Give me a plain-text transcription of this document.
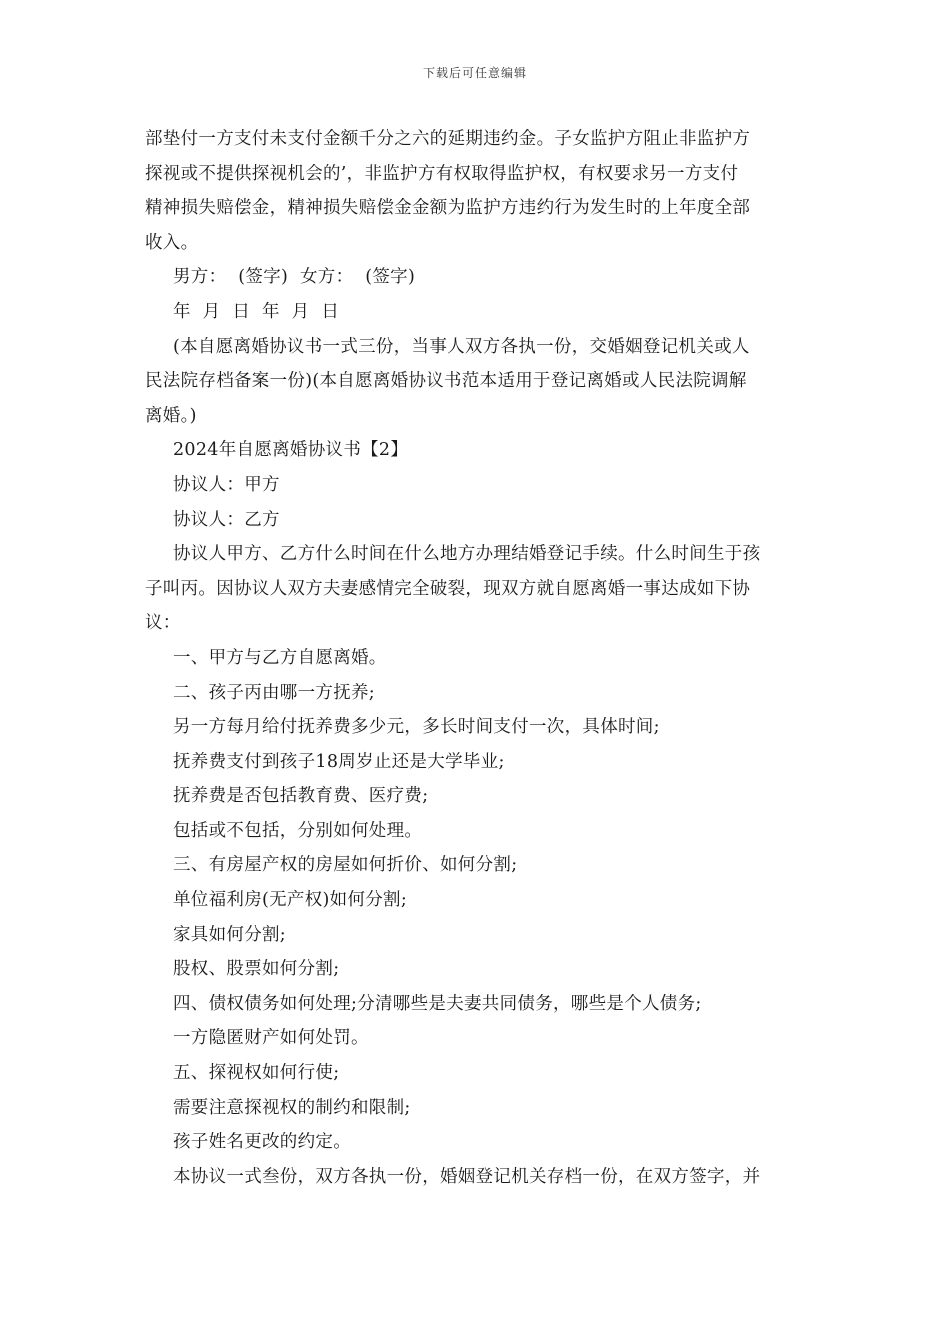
下载后可任意编辑
部垫付一方支付未支付金额千分之六的延期违约金。子女监护方阻止非监护方
探视或不提供探视机会的’，非监护方有权取得监护权，有权要求另一方支付
精神损失赔偿金，精神损失赔偿金金额为监护方违约行为发生时的上年度全部
收入。
男方： (签字) 女方： (签字)
年 月 日 年 月 日
(本自愿离婚协议书一式三份，当事人双方各执一份，交婚姻登记机关或人
民法院存档备案一份)(本自愿离婚协议书范本适用于登记离婚或人民法院调解
离婚。)
2024年自愿离婚协议书【2】
协议人：甲方
协议人：乙方
协议人甲方、乙方什么时间在什么地方办理结婚登记手续。什么时间生于孩
子叫丙。因协议人双方夫妻感情完全破裂，现双方就自愿离婚一事达成如下协
议：
一、甲方与乙方自愿离婚。
二、孩子丙由哪一方抚养;
另一方每月给付抚养费多少元，多长时间支付一次，具体时间;
抚养费支付到孩子18周岁止还是大学毕业;
抚养费是否包括教育费、医疗费;
包括或不包括，分别如何处理。
三、有房屋产权的房屋如何折价、如何分割;
单位福利房(无产权)如何分割;
家具如何分割;
股权、股票如何分割;
四、债权债务如何处理;分清哪些是夫妻共同债务，哪些是个人债务;
一方隐匿财产如何处罚。
五、探视权如何行使;
需要注意探视权的制约和限制;
孩子姓名更改的约定。
本协议一式叁份，双方各执一份，婚姻登记机关存档一份，在双方签字，并
